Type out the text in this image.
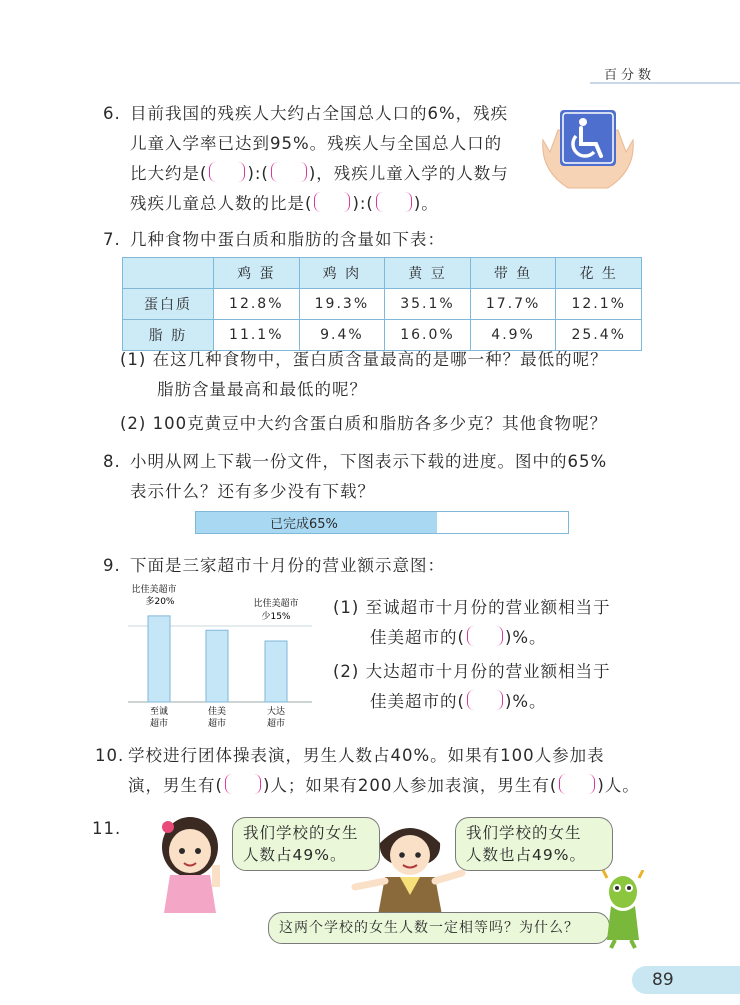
百分数
6. 目前我国的残疾人大约占全国总人口的6%，残疾
儿童入学率已达到95%。残疾人与全国总人口的
比大约是( ):( )，残疾儿童入学的人数与
残疾儿童总人数的比是( ):( )。
7. 几种食物中蛋白质和脂肪的含量如下表：
	鸡 蛋	鸡 肉	黄 豆	带 鱼	花 生
蛋白质	12.8%	19.3%	35.1%	17.7%	12.1%
脂 肪	11.1%	9.4%	16.0%	4.9%	25.4%
(1) 在这几种食物中，蛋白质含量最高的是哪一种？最低的呢？
脂肪含量最高和最低的呢？
(2) 100克黄豆中大约含蛋白质和脂肪各多少克？其他食物呢？
8. 小明从网上下载一份文件，下图表示下载的进度。图中的65%
表示什么？还有多少没有下载？
已完成65%
9. 下面是三家超市十月份的营业额示意图：
比佳美超市
多20%	比佳美超市
少15%
至诚
超市
佳美
超市
大达
超市
(1) 至诚超市十月份的营业额相当于
佳美超市的( )%。
(2) 大达超市十月份的营业额相当于
佳美超市的( )%。
10. 学校进行团体操表演，男生人数占40%。如果有100人参加表
演，男生有( )人；如果有200人参加表演，男生有( )人。
11.	我们学校的女生
人数占49%。
我们学校的女生
人数也占49%。
这两个学校的女生人数一定相等吗？为什么？
89
